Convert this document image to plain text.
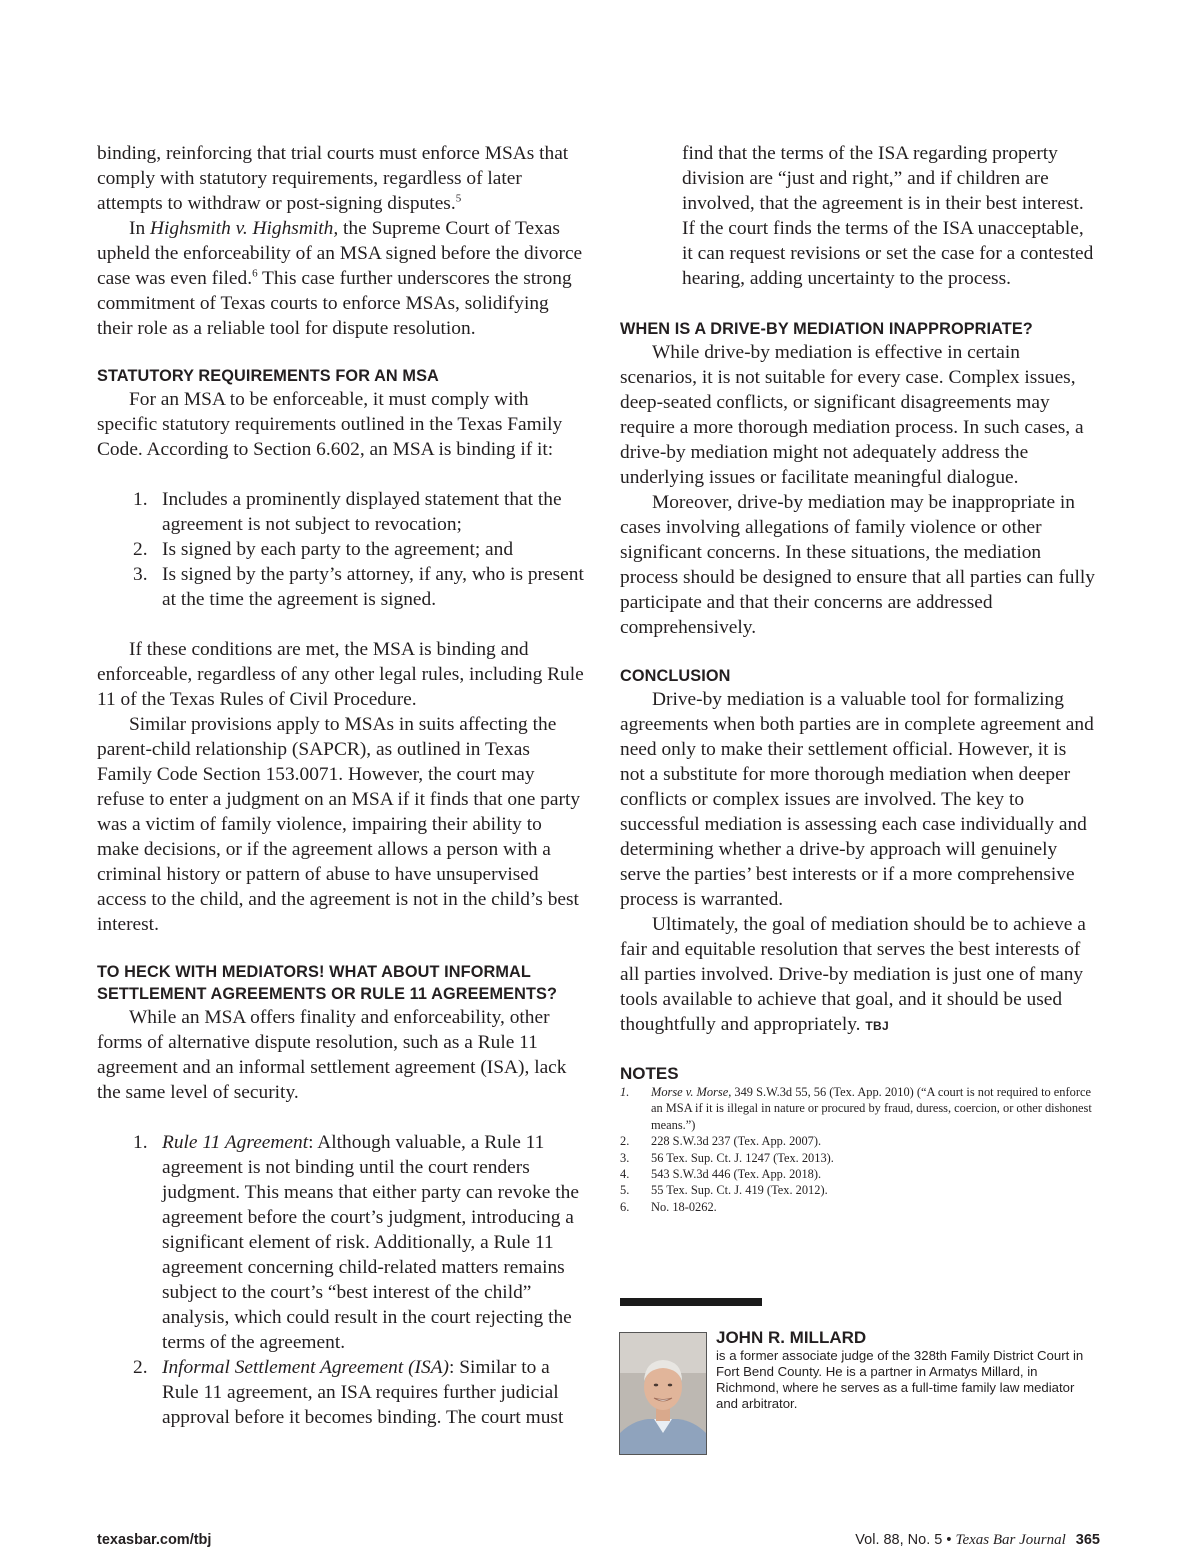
binding, reinforcing that trial courts must enforce MSAs that comply with statutory requirements, regardless of later attempts to withdraw or post-signing disputes.$^5$

In Highsmith v. Highsmith, the Supreme Court of Texas upheld the enforceability of an MSA signed before the divorce case was even filed.$^6$ This case further underscores the strong commitment of Texas courts to enforce MSAs, solidifying their role as a reliable tool for dispute resolution.

STATUTORY REQUIREMENTS FOR AN MSA

For an MSA to be enforceable, it must comply with specific statutory requirements outlined in the Texas Family Code. According to Section 6.602, an MSA is binding if it:

1. Includes a prominently displayed statement that the agreement is not subject to revocation;
2. Is signed by each party to the agreement; and
3. Is signed by the party’s attorney, if any, who is present at the time the agreement is signed.

If these conditions are met, the MSA is binding and enforceable, regardless of any other legal rules, including Rule 11 of the Texas Rules of Civil Procedure.

Similar provisions apply to MSAs in suits affecting the parent-child relationship (SAPCR), as outlined in Texas Family Code Section 153.0071. However, the court may refuse to enter a judgment on an MSA if it finds that one party was a victim of family violence, impairing their ability to make decisions, or if the agreement allows a person with a criminal history or pattern of abuse to have unsupervised access to the child, and the agreement is not in the child’s best interest.

TO HECK WITH MEDIATORS! WHAT ABOUT INFORMAL SETTLEMENT AGREEMENTS OR RULE 11 AGREEMENTS?

While an MSA offers finality and enforceability, other forms of alternative dispute resolution, such as a Rule 11 agreement and an informal settlement agreement (ISA), lack the same level of security.

1. Rule 11 Agreement: Although valuable, a Rule 11 agreement is not binding until the court renders judgment. This means that either party can revoke the agreement before the court’s judgment, introducing a significant element of risk. Additionally, a Rule 11 agreement concerning child-related matters remains subject to the court’s “best interest of the child” analysis, which could result in the court rejecting the terms of the agreement.
2. Informal Settlement Agreement (ISA): Similar to a Rule 11 agreement, an ISA requires further judicial approval before it becomes binding. The court must

find that the terms of the ISA regarding property division are “just and right,” and if children are involved, that the agreement is in their best interest. If the court finds the terms of the ISA unacceptable, it can request revisions or set the case for a contested hearing, adding uncertainty to the process.

WHEN IS A DRIVE-BY MEDIATION INAPPROPRIATE?

While drive-by mediation is effective in certain scenarios, it is not suitable for every case. Complex issues, deep-seated conflicts, or significant disagreements may require a more thorough mediation process. In such cases, a drive-by mediation might not adequately address the underlying issues or facilitate meaningful dialogue.

Moreover, drive-by mediation may be inappropriate in cases involving allegations of family violence or other significant concerns. In these situations, the mediation process should be designed to ensure that all parties can fully participate and that their concerns are addressed comprehensively.

CONCLUSION

Drive-by mediation is a valuable tool for formalizing agreements when both parties are in complete agreement and need only to make their settlement official. However, it is not a substitute for more thorough mediation when deeper conflicts or complex issues are involved. The key to successful mediation is assessing each case individually and determining whether a drive-by approach will genuinely serve the parties’ best interests or if a more comprehensive process is warranted.

Ultimately, the goal of mediation should be to achieve a fair and equitable resolution that serves the best interests of all parties involved. Drive-by mediation is just one of many tools available to achieve that goal, and it should be used thoughtfully and appropriately. TBJ

NOTES
1. Morse v. Morse, 349 S.W.3d 55, 56 (Tex. App. 2010) (“A court is not required to enforce an MSA if it is illegal in nature or procured by fraud, duress, coercion, or other dishonest means.”)
2. 228 S.W.3d 237 (Tex. App. 2007).
3. 56 Tex. Sup. Ct. J. 1247 (Tex. 2013).
4. 543 S.W.3d 446 (Tex. App. 2018).
5. 55 Tex. Sup. Ct. J. 419 (Tex. 2012).
6. No. 18-0262.
JOHN R. MILLARD
is a former associate judge of the 328th Family District Court in Fort Bend County. He is a partner in Armatys Millard, in Richmond, where he serves as a full-time family law mediator and arbitrator.
texasbar.com/tbj	Vol. 88, No. 5 • Texas Bar Journal 365
